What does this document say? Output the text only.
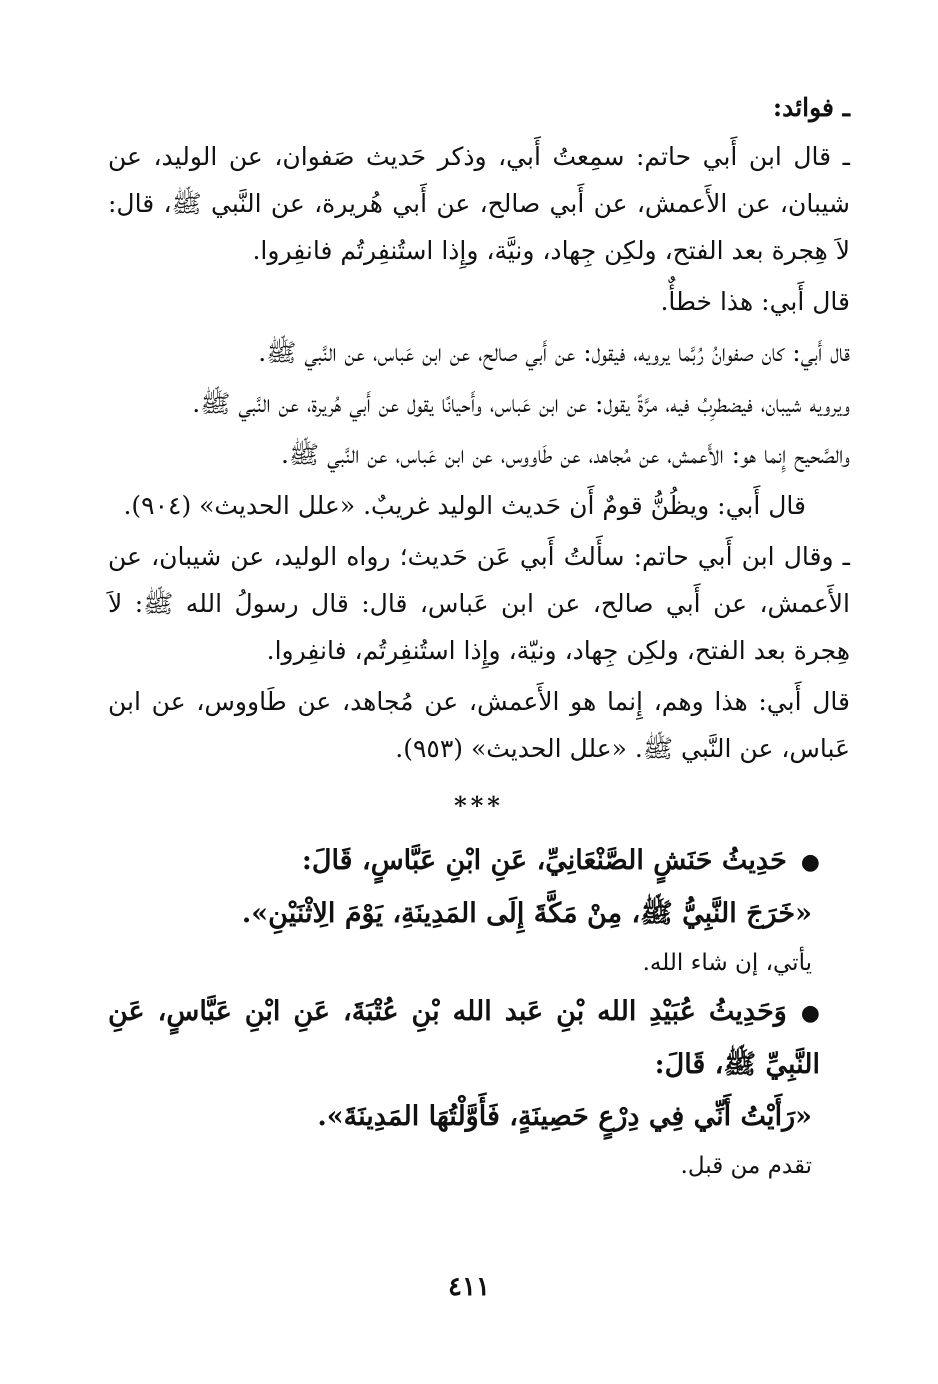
ـ فوائد:
ـ قال ابن أَبي حاتم: سمِعتُ أَبي، وذكر حَديث صَفوان، عن الوليد، عن شيبان، عن الأَعمش، عن أَبي صالح، عن أَبي هُريرة، عن النَّبي ﷺ، قال: لاَ هِجرة بعد الفتح، ولكِن جِهاد، ونيَّة، وإِذا استُنفِرتُم فانفِروا.
قال أَبي: هذا خطأٌ.
قال أَبي: كان صفوانُ رُبَّما يرويه، فيقول: عن أَبي صالح، عن ابن عَباس، عن النَّبي ﷺ.
ويرويه شيبان، فيضطرِبُ فيه، مرَّةً يقول: عن ابن عَباس، وأَحيانًا يقول عن أَبي هُريرة، عن النَّبي ﷺ.
والصَّحيح إِنما هو: الأَعمش، عن مُجاهد، عن طَاووس، عن ابن عَباس، عن النَّبي ﷺ.
قال أَبي: ويظُنُّ قومٌ أَن حَديث الوليد غريبٌ. «علل الحديث» (٩٠٤).
ـ وقال ابن أَبي حاتم: سأَلتُ أَبي عَن حَديث؛ رواه الوليد، عن شيبان، عن الأَعمش، عن أَبي صالح، عن ابن عَباس، قال: قال رسولُ الله ﷺ: لاَ هِجرة بعد الفتح، ولكِن جِهاد، ونيّة، وإِذا استُنفِرتُم، فانفِروا.
قال أَبي: هذا وهم، إِنما هو الأَعمش، عن مُجاهد، عن طَاووس، عن ابن عَباس، عن النَّبي ﷺ. «علل الحديث» (٩٥٣).
***
●حَدِيثُ حَنَشٍ الصَّنْعَانِيِّ، عَنِ ابْنِ عَبَّاسٍ، قَالَ:
«خَرَجَ النَّبِيُّ ﷺ، مِنْ مَكَّةَ إِلَى المَدِينَةِ، يَوْمَ الِاثْنَيْنِ».
يأتي، إن شاء الله.
●وَحَدِيثُ عُبَيْدِ الله بْنِ عَبد الله بْنِ عُتْبَةَ، عَنِ ابْنِ عَبَّاسٍ، عَنِ النَّبِيِّ ﷺ، قَالَ:
«رَأَيْتُ أَنِّي فِي دِرْعٍ حَصِينَةٍ، فَأَوَّلْتُهَا المَدِينَةَ».
تقدم من قبل.
٤١١
